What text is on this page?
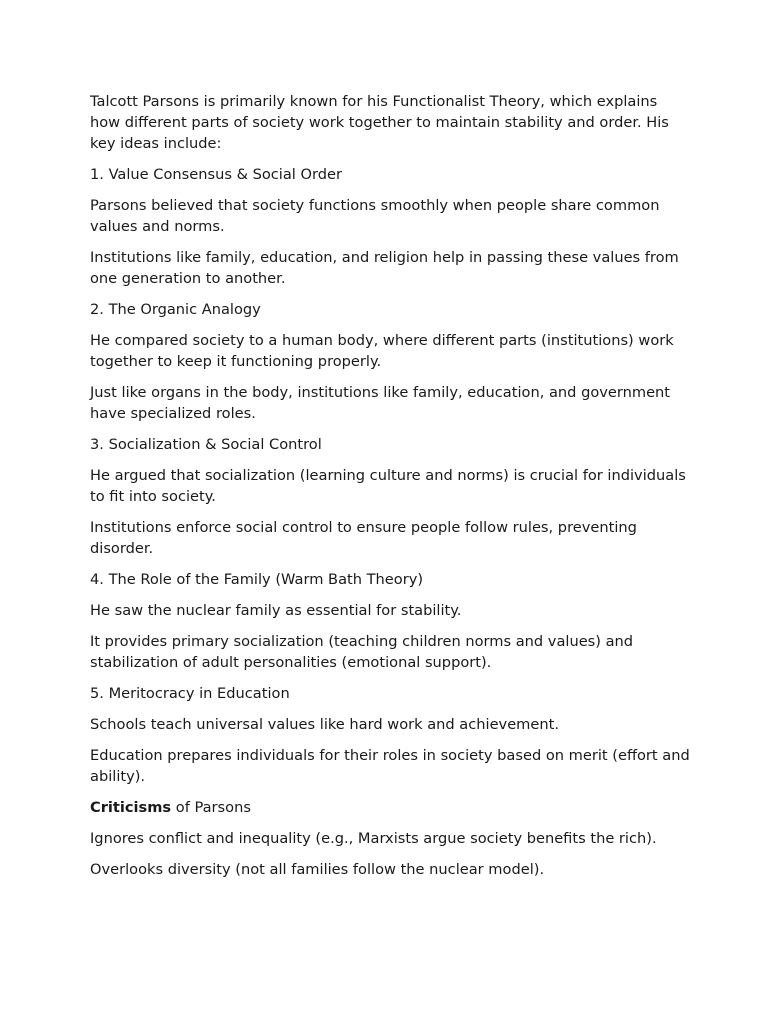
Talcott Parsons is primarily known for his Functionalist Theory, which explains how different parts of society work together to maintain stability and order. His key ideas include:

1. Value Consensus & Social Order

Parsons believed that society functions smoothly when people share common values and norms.

Institutions like family, education, and religion help in passing these values from one generation to another.

2. The Organic Analogy

He compared society to a human body, where different parts (institutions) work together to keep it functioning properly.

Just like organs in the body, institutions like family, education, and government have specialized roles.

3. Socialization & Social Control

He argued that socialization (learning culture and norms) is crucial for individuals to fit into society.

Institutions enforce social control to ensure people follow rules, preventing disorder.

4. The Role of the Family (Warm Bath Theory)

He saw the nuclear family as essential for stability.

It provides primary socialization (teaching children norms and values) and stabilization of adult personalities (emotional support).

5. Meritocracy in Education

Schools teach universal values like hard work and achievement.

Education prepares individuals for their roles in society based on merit (effort and ability).

Criticisms of Parsons

Ignores conflict and inequality (e.g., Marxists argue society benefits the rich).

Overlooks diversity (not all families follow the nuclear model).
